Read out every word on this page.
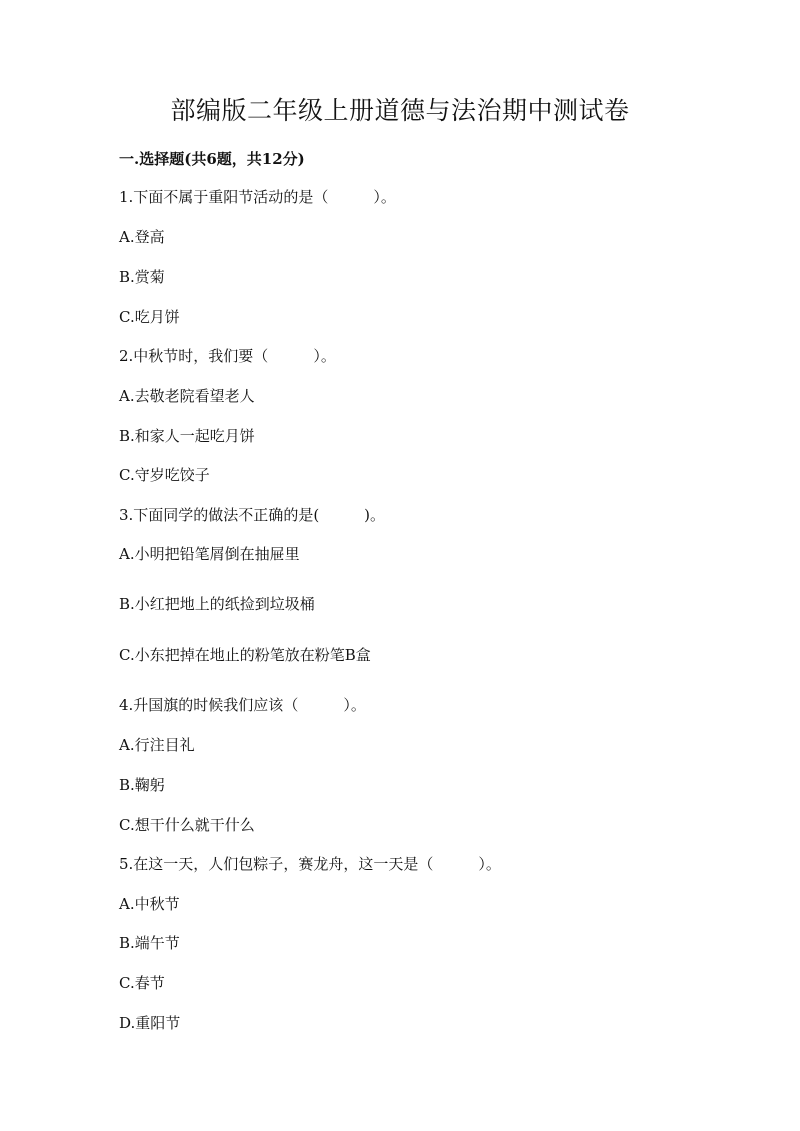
部编版二年级上册道德与法治期中测试卷
一.选择题(共6题，共12分)
1.下面不属于重阳节活动的是（　　　）。
A.登高
B.赏菊
C.吃月饼
2.中秋节时，我们要（　　　）。
A.去敬老院看望老人
B.和家人一起吃月饼
C.守岁吃饺子
3.下面同学的做法不正确的是(　　　)。
A.小明把铅笔屑倒在抽屉里
B.小红把地上的纸捡到垃圾桶
C.小东把掉在地止的粉笔放在粉笔B盒
4.升国旗的时候我们应该（　　　）。
A.行注目礼
B.鞠躬
C.想干什么就干什么
5.在这一天，人们包粽子，赛龙舟，这一天是（　　　）。
A.中秋节
B.端午节
C.春节
D.重阳节
